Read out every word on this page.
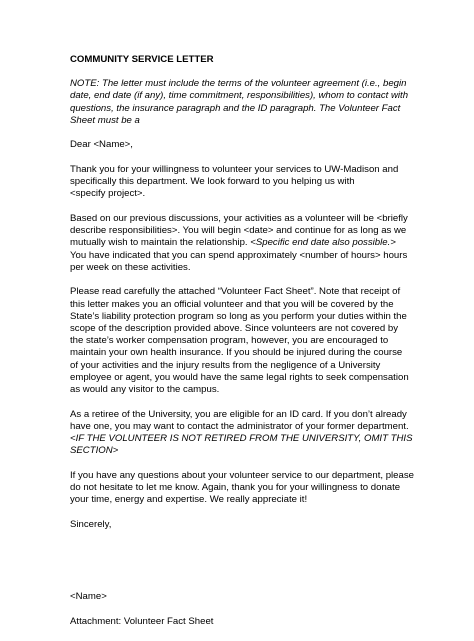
COMMUNITY SERVICE LETTER
NOTE: The letter must include the terms of the volunteer agreement (i.e., begin
date, end date (if any), time commitment, responsibilities), whom to contact with
questions, the insurance paragraph and the ID paragraph. The Volunteer Fact
Sheet must be a
Dear <Name>,
Thank you for your willingness to volunteer your services to UW-Madison and
specifically this department. We look forward to you helping us with
<specify project>.
Based on our previous discussions, your activities as a volunteer will be <briefly
describe responsibilities>. You will begin <date> and continue for as long as we
mutually wish to maintain the relationship. <Specific end date also possible.>
You have indicated that you can spend approximately <number of hours> hours
per week on these activities.
Please read carefully the attached “Volunteer Fact Sheet”. Note that receipt of
this letter makes you an official volunteer and that you will be covered by the
State’s liability protection program so long as you perform your duties within the
scope of the description provided above. Since volunteers are not covered by
the state’s worker compensation program, however, you are encouraged to
maintain your own health insurance. If you should be injured during the course
of your activities and the injury results from the negligence of a University
employee or agent, you would have the same legal rights to seek compensation
as would any visitor to the campus.
As a retiree of the University, you are eligible for an ID card. If you don’t already
have one, you may want to contact the administrator of your former department.
<IF THE VOLUNTEER IS NOT RETIRED FROM THE UNIVERSITY, OMIT THIS
SECTION>
If you have any questions about your volunteer service to our department, please
do not hesitate to let me know. Again, thank you for your willingness to donate
your time, energy and expertise. We really appreciate it!
Sincerely,
<Name>
Attachment: Volunteer Fact Sheet
